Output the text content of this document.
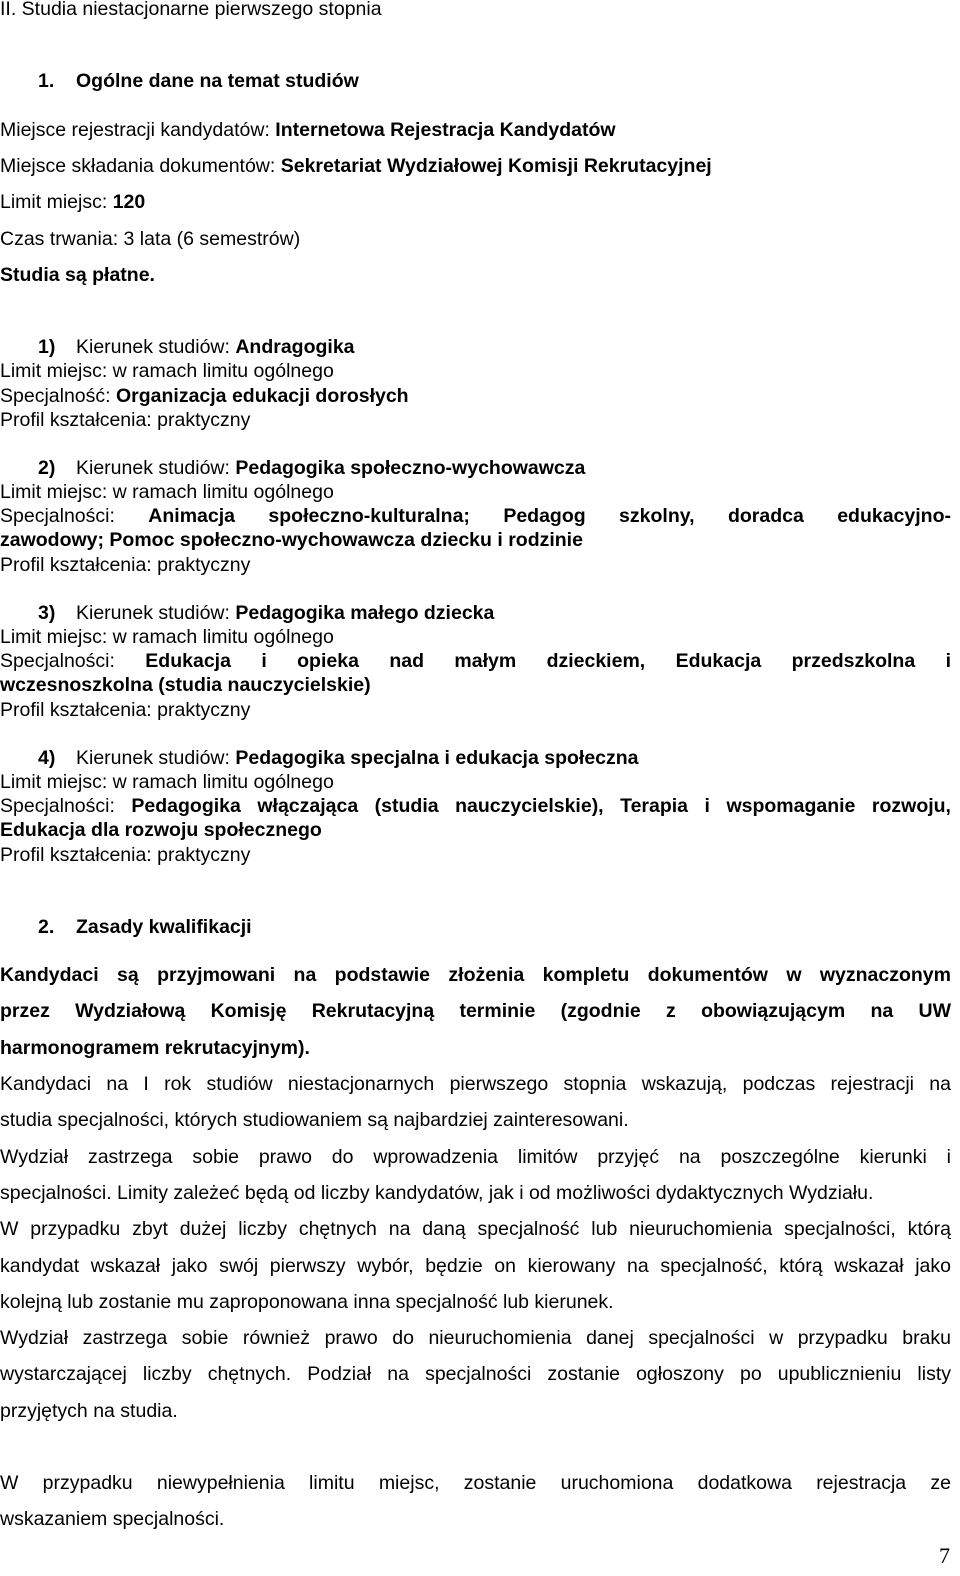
II. Studia niestacjonarne pierwszego stopnia
1. Ogólne dane na temat studiów
Miejsce rejestracji kandydatów: Internetowa Rejestracja Kandydatów
Miejsce składania dokumentów: Sekretariat Wydziałowej Komisji Rekrutacyjnej
Limit miejsc: 120
Czas trwania: 3 lata (6 semestrów)
Studia są płatne.
1) Kierunek studiów: Andragogika
Limit miejsc: w ramach limitu ogólnego
Specjalność: Organizacja edukacji dorosłych
Profil kształcenia: praktyczny
2) Kierunek studiów: Pedagogika społeczno-wychowawcza
Limit miejsc: w ramach limitu ogólnego
Specjalności: Animacja społeczno-kulturalna; Pedagog szkolny, doradca edukacyjno-
zawodowy; Pomoc społeczno-wychowawcza dziecku i rodzinie
Profil kształcenia: praktyczny
3) Kierunek studiów: Pedagogika małego dziecka
Limit miejsc: w ramach limitu ogólnego
Specjalności: Edukacja i opieka nad małym dzieckiem, Edukacja przedszkolna i
wczesnoszkolna (studia nauczycielskie)
Profil kształcenia: praktyczny
4) Kierunek studiów: Pedagogika specjalna i edukacja społeczna
Limit miejsc: w ramach limitu ogólnego
Specjalności: Pedagogika włączająca (studia nauczycielskie), Terapia i wspomaganie rozwoju,
Edukacja dla rozwoju społecznego
Profil kształcenia: praktyczny
2. Zasady kwalifikacji
Kandydaci są przyjmowani na podstawie złożenia kompletu dokumentów w wyznaczonym
przez Wydziałową Komisję Rekrutacyjną terminie (zgodnie z obowiązującym na UW
harmonogramem rekrutacyjnym).
Kandydaci na I rok studiów niestacjonarnych pierwszego stopnia wskazują, podczas rejestracji na
studia specjalności, których studiowaniem są najbardziej zainteresowani.
Wydział zastrzega sobie prawo do wprowadzenia limitów przyjęć na poszczególne kierunki i
specjalności. Limity zależeć będą od liczby kandydatów, jak i od możliwości dydaktycznych Wydziału.
W przypadku zbyt dużej liczby chętnych na daną specjalność lub nieuruchomienia specjalności, którą
kandydat wskazał jako swój pierwszy wybór, będzie on kierowany na specjalność, którą wskazał jako
kolejną lub zostanie mu zaproponowana inna specjalność lub kierunek.
Wydział zastrzega sobie również prawo do nieuruchomienia danej specjalności w przypadku braku
wystarczającej liczby chętnych. Podział na specjalności zostanie ogłoszony po upublicznieniu listy
przyjętych na studia.
W przypadku niewypełnienia limitu miejsc, zostanie uruchomiona dodatkowa rejestracja ze
wskazaniem specjalności.
7
